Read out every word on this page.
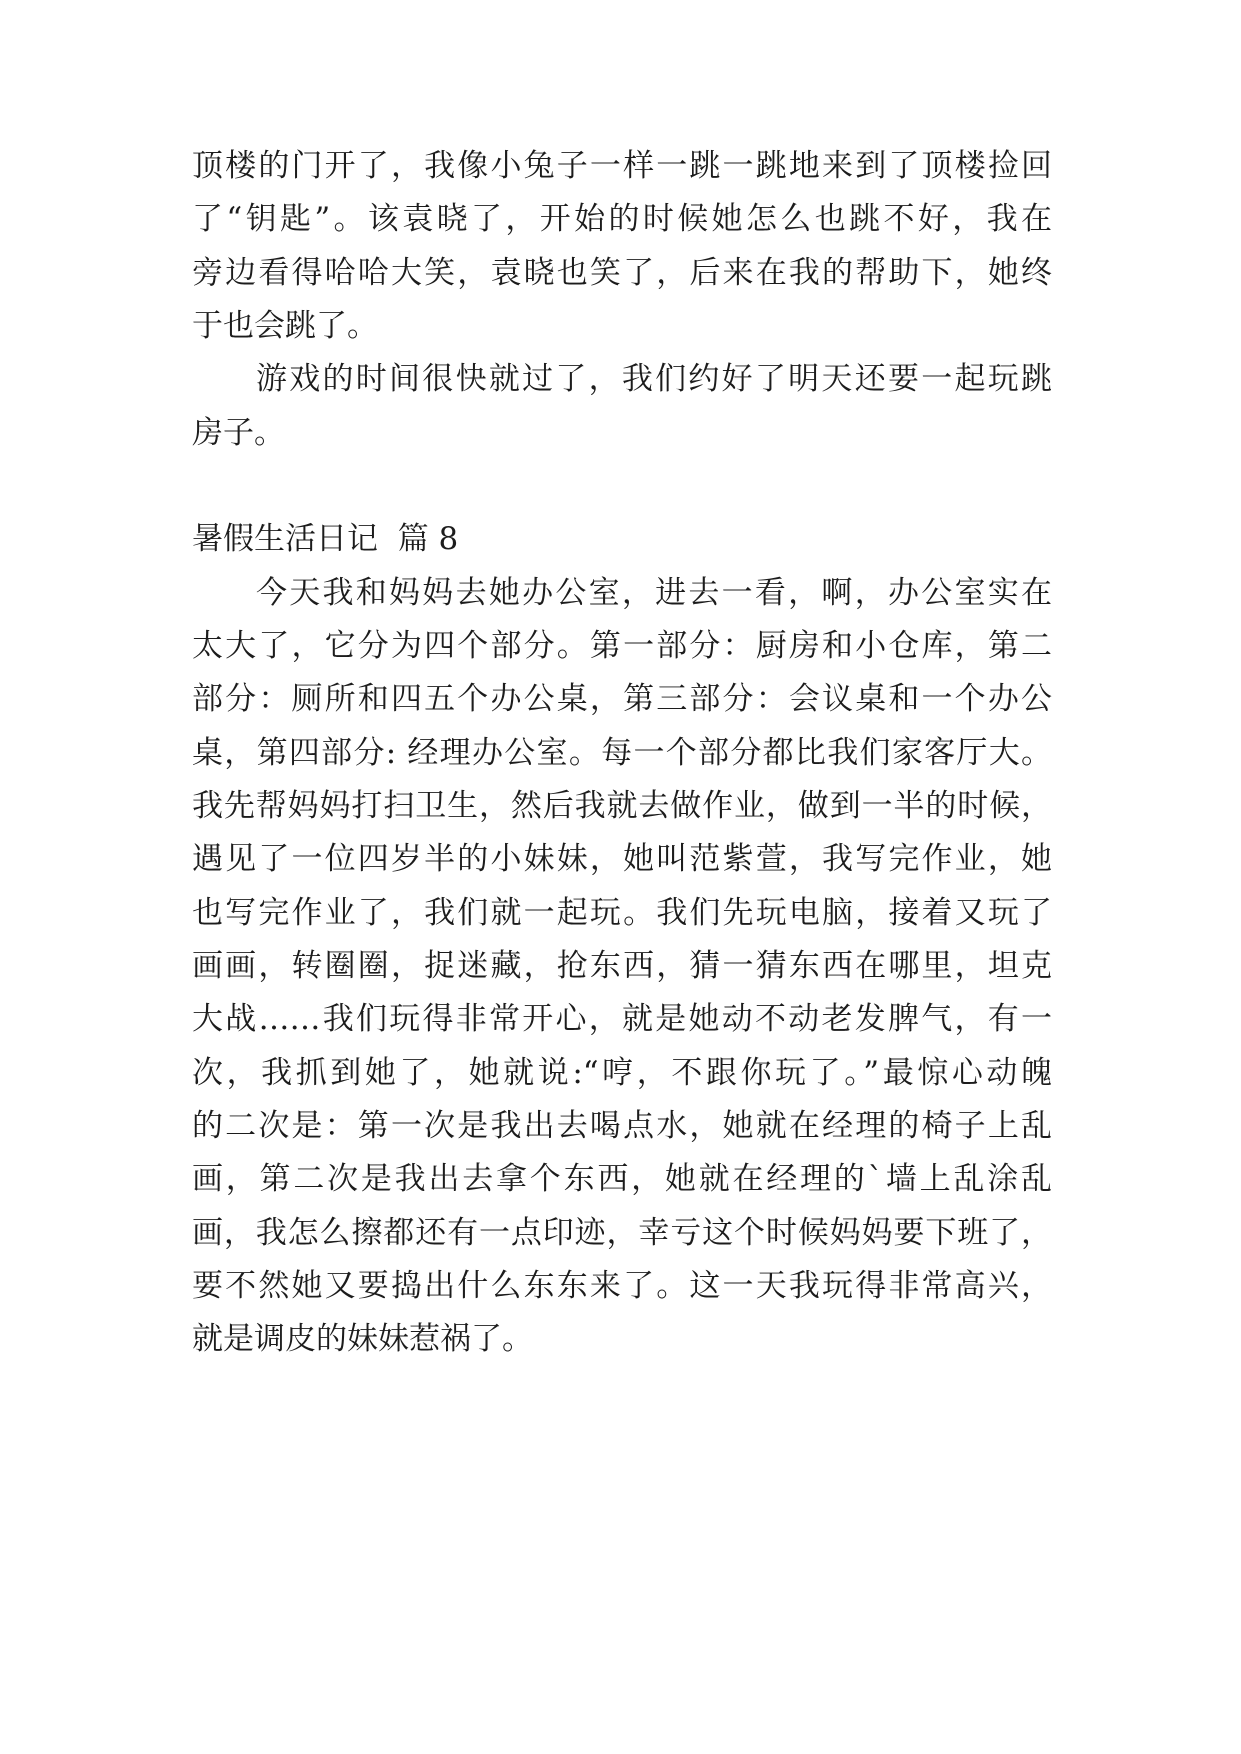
顶楼的门开了，我像小兔子一样一跳一跳地来到了顶楼捡回
了“钥匙”。该袁晓了，开始的时候她怎么也跳不好，我在
旁边看得哈哈大笑，袁晓也笑了，后来在我的帮助下，她终
于也会跳了。
游戏的时间很快就过了，我们约好了明天还要一起玩跳
房子。
暑假生活日记  篇 8
今天我和妈妈去她办公室，进去一看，啊，办公室实在
太大了，它分为四个部分。第一部分：厨房和小仓库，第二
部分：厕所和四五个办公桌，第三部分：会议桌和一个办公
桌，第四部分: 经理办公室。每一个部分都比我们家客厅大。
我先帮妈妈打扫卫生，然后我就去做作业，做到一半的时候，
遇见了一位四岁半的小妹妹，她叫范紫萱，我写完作业，她
也写完作业了，我们就一起玩。我们先玩电脑，接着又玩了
画画，转圈圈，捉迷藏，抢东西，猜一猜东西在哪里，坦克
大战……我们玩得非常开心，就是她动不动老发脾气，有一
次，我抓到她了，她就说:“哼，不跟你玩了。”最惊心动魄
的二次是：第一次是我出去喝点水，她就在经理的椅子上乱
画，第二次是我出去拿个东西，她就在经理的`墙上乱涂乱
画，我怎么擦都还有一点印迹，幸亏这个时候妈妈要下班了，
要不然她又要捣出什么东东来了。这一天我玩得非常高兴，
就是调皮的妹妹惹祸了。
